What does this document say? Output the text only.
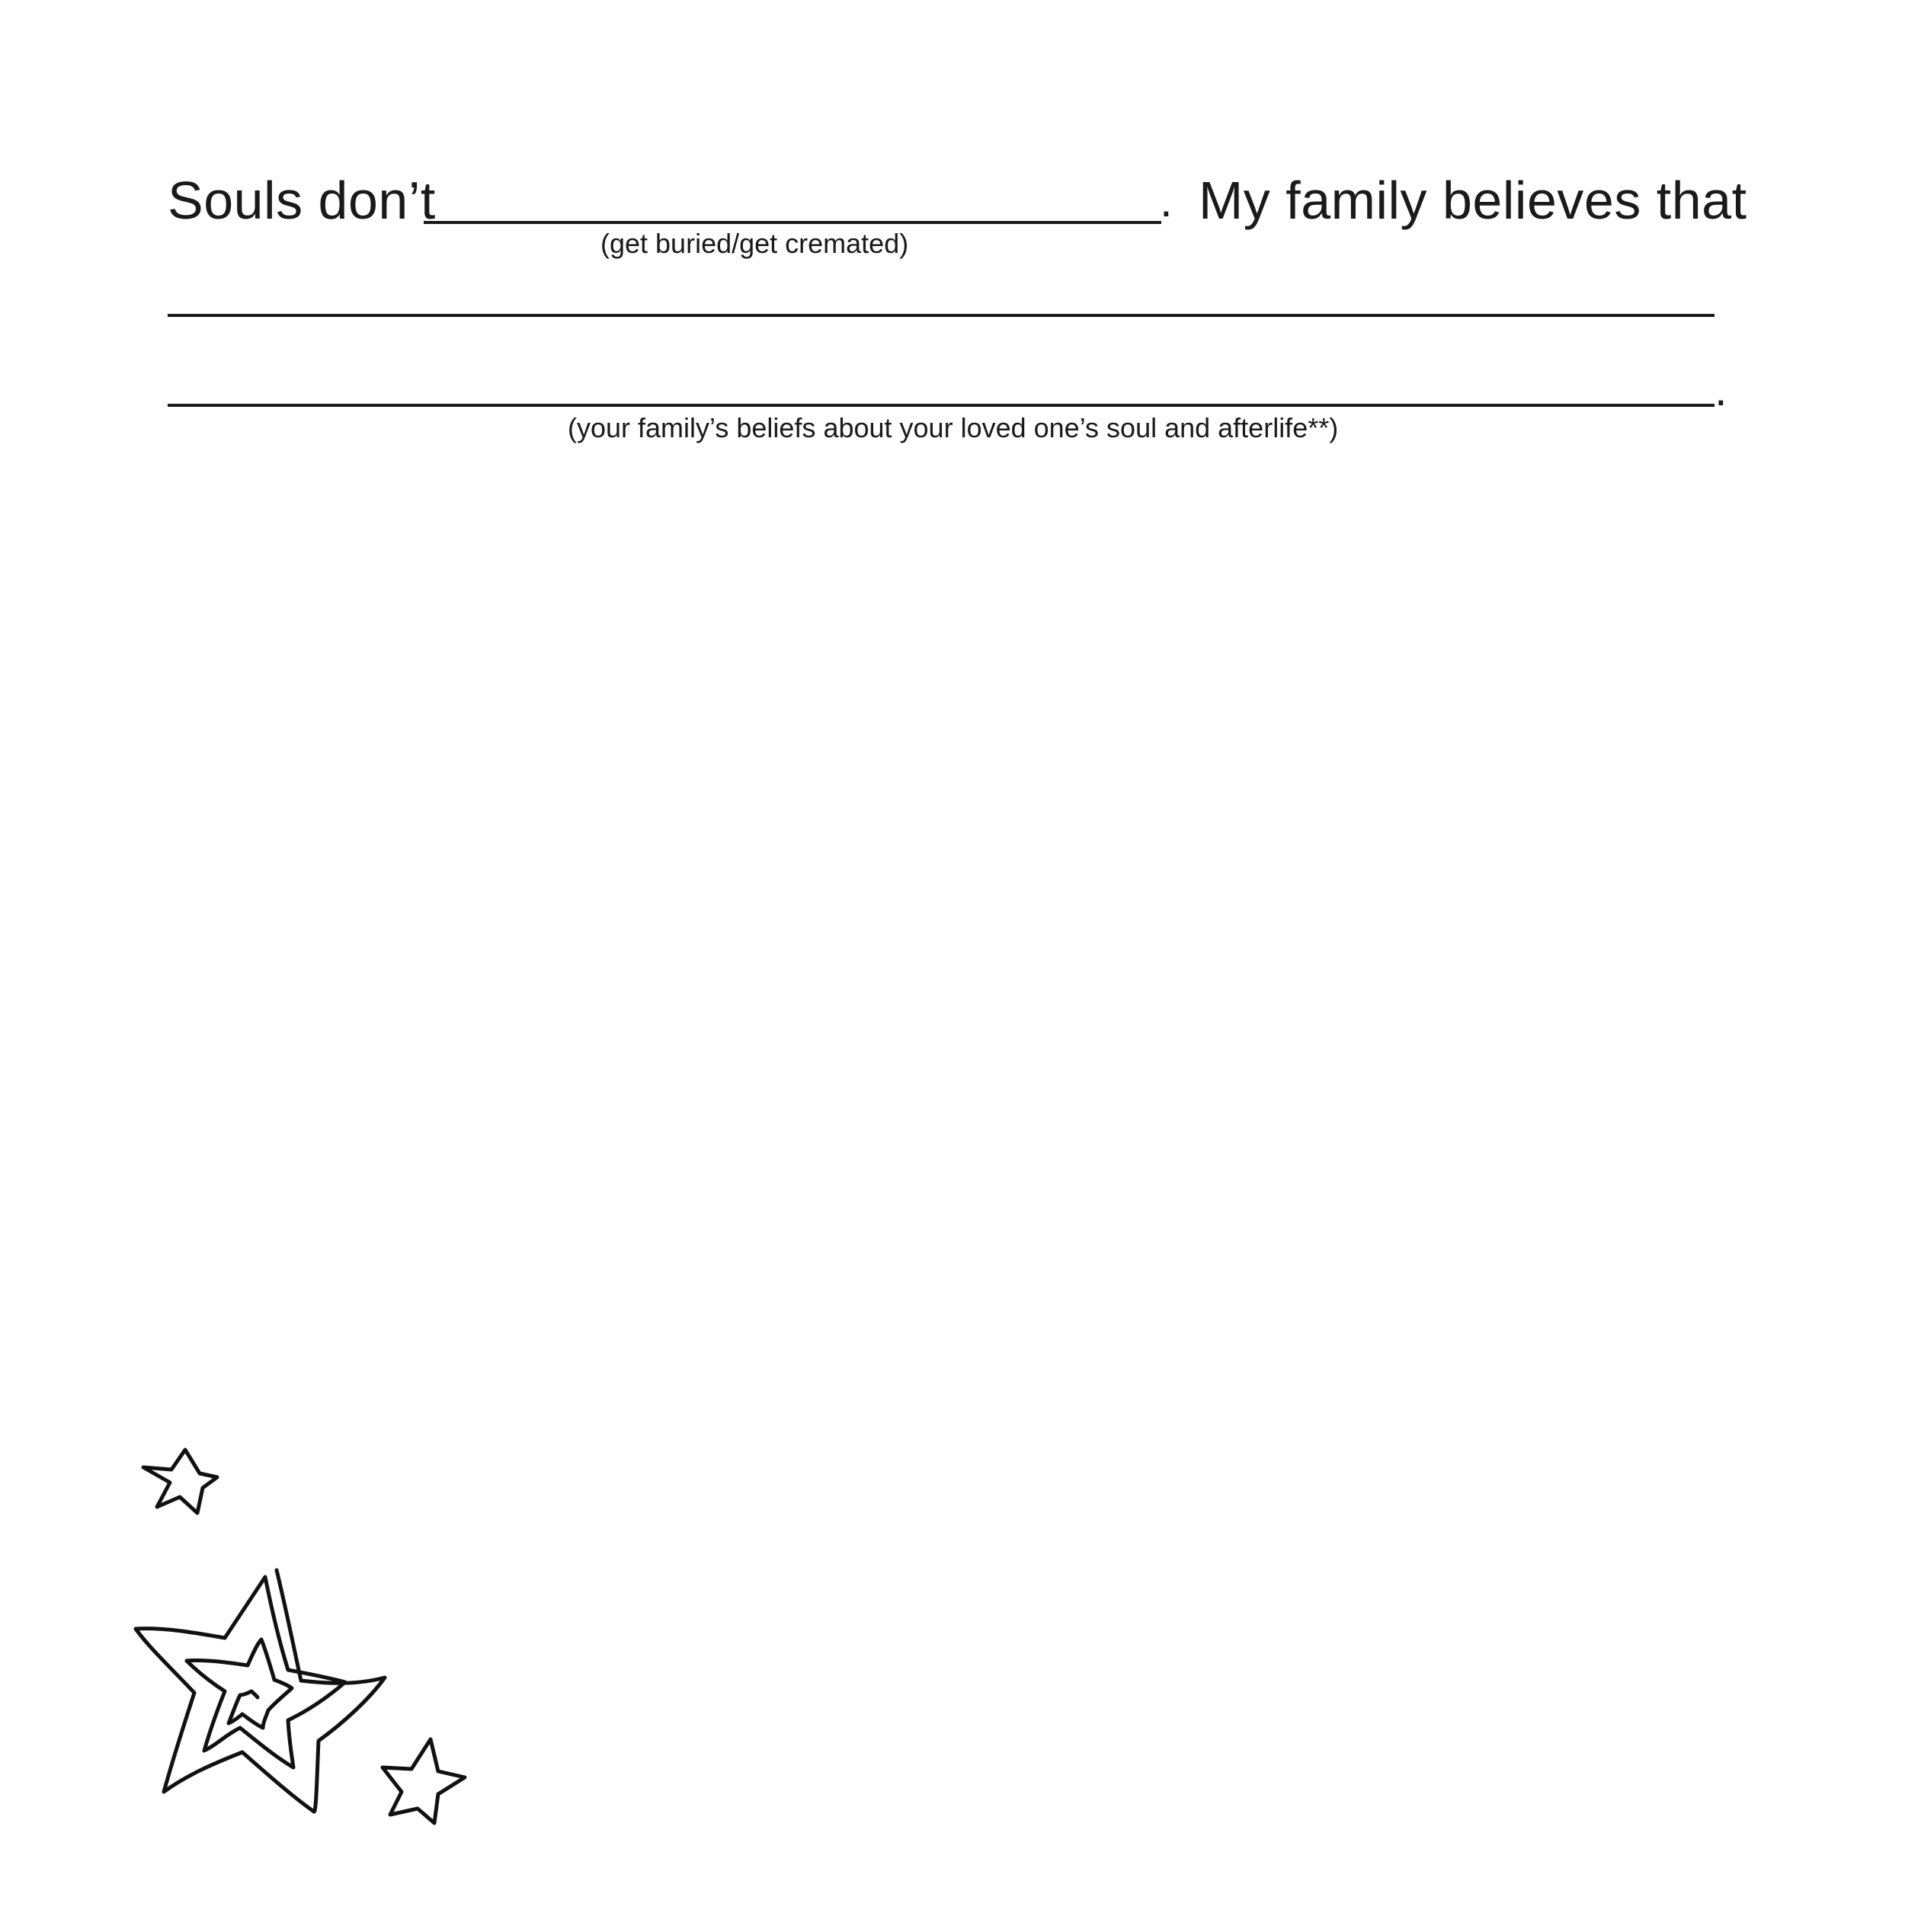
Souls don’t	. My family believes that
(get buried/get cremated)
.
(your family’s beliefs about your loved one’s soul and afterlife**)
